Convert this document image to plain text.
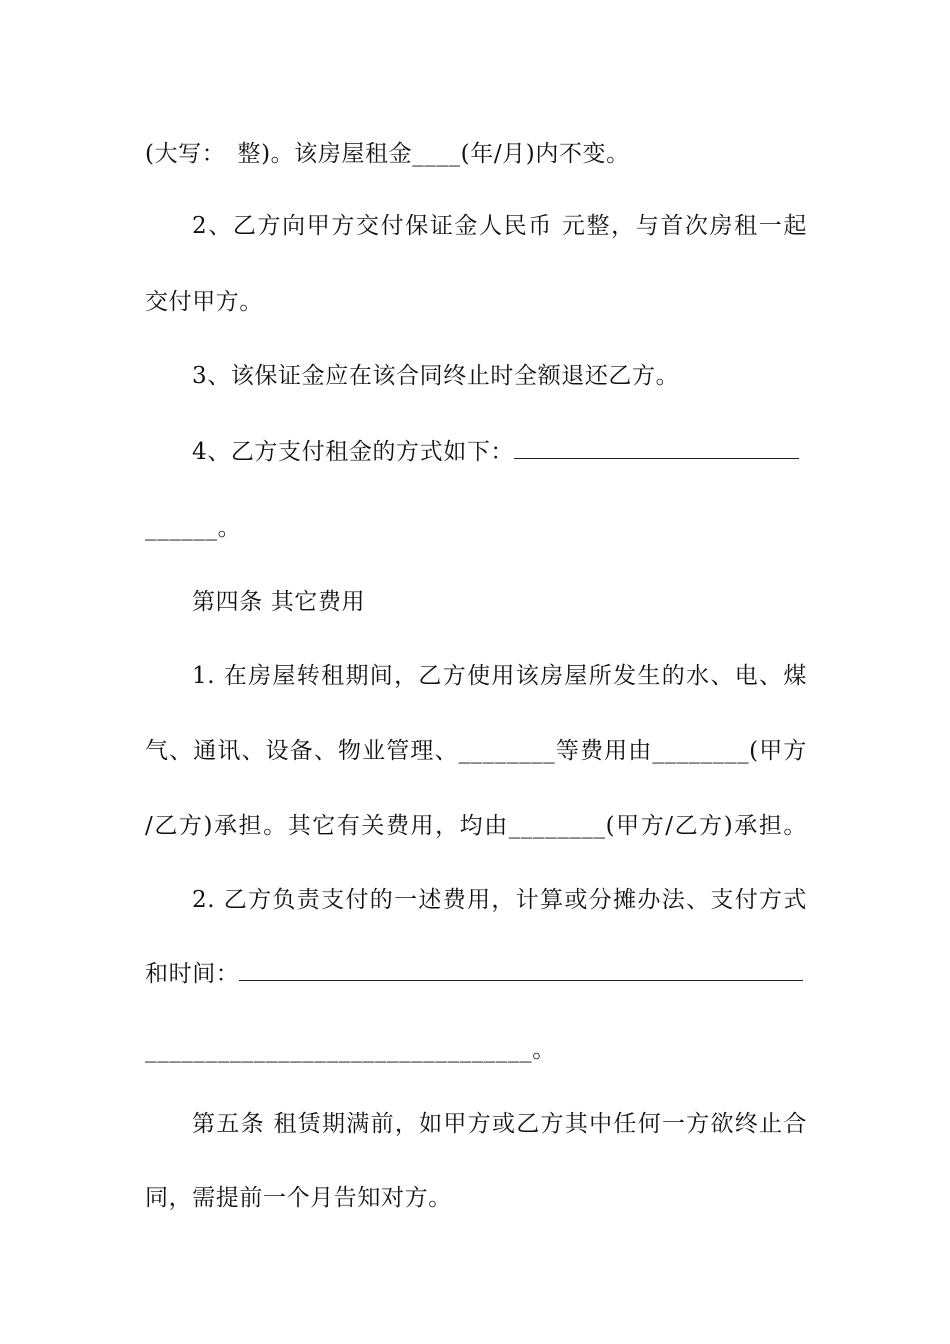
(大写：　整)。该房屋租金____(年/月)内不变。
2、乙方向甲方交付保证金人民币 元整，与首次房租一起
交付甲方。
3、该保证金应在该合同终止时全额退还乙方。
4、乙方支付租金的方式如下：
______。
第四条 其它费用
1. 在房屋转租期间，乙方使用该房屋所发生的水、电、煤
气、通讯、设备、物业管理、________等费用由________(甲方
/乙方)承担。其它有关费用，均由________(甲方/乙方)承担。
2. 乙方负责支付的一述费用，计算或分摊办法、支付方式
和时间：
________________________________。
第五条 租赁期满前，如甲方或乙方其中任何一方欲终止合
同，需提前一个月告知对方。
